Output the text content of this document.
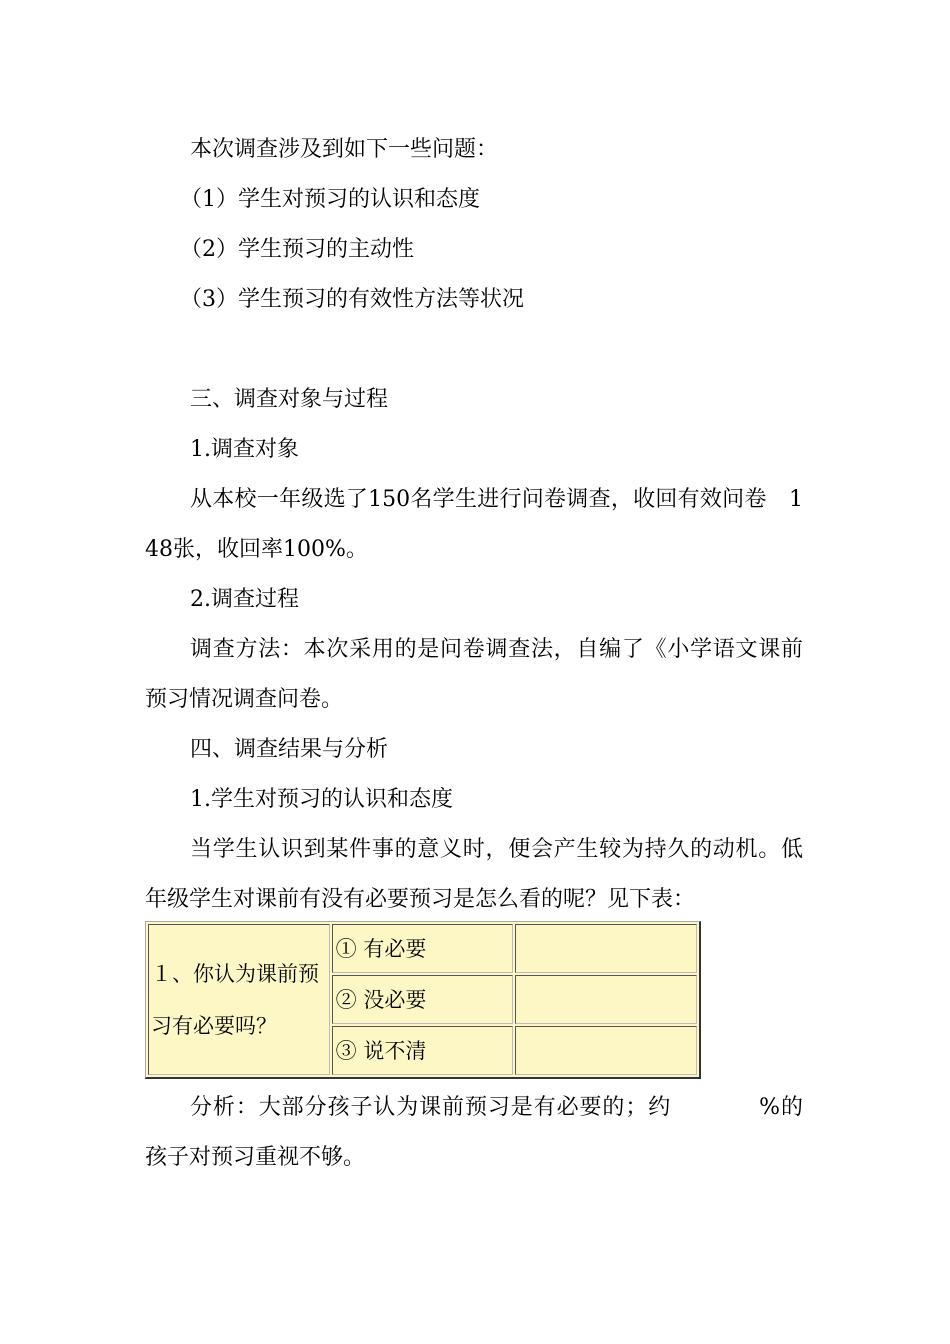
本次调查涉及到如下一些问题：
（1）学生对预习的认识和态度
（2）学生预习的主动性
（3）学生预习的有效性方法等状况
三、调查对象与过程
1.调查对象
从本校一年级选了150名学生进行问卷调查，收回有效问卷　1
48张，收回率100%。
2.调查过程
调查方法：本次采用的是问卷调查法，自编了《小学语文课前
预习情况调查问卷。
四、调查结果与分析
1.学生对预习的认识和态度
当学生认识到某件事的意义时，便会产生较为持久的动机。低
年级学生对课前有没有必要预习是怎么看的呢？见下表：
１、你认为课前预习有必要吗？	① 有必要	
	② 没必要	
	③ 说不清	
分析：大部分孩子认为课前预习是有必要的；约	%的
孩子对预习重视不够。
